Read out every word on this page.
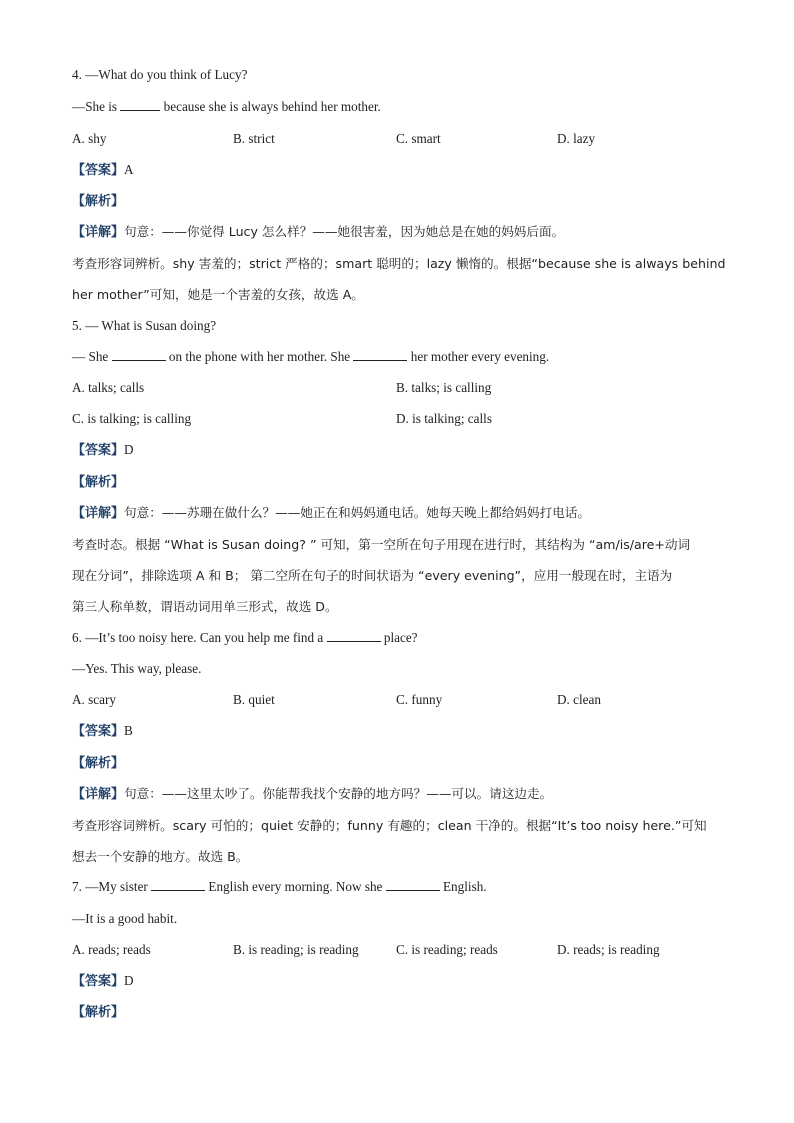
4. —What do you think of Lucy?
—She is	because she is always behind her mother.
A. shy	B. strict	C. smart	D. lazy
【答案】A
【解析】
【详解】句意：——你觉得 Lucy 怎么样？——她很害羞，因为她总是在她的妈妈后面。
考查形容词辨析。shy 害羞的；strict 严格的；smart 聪明的；lazy 懒惰的。根据“because she is always behind
her mother”可知，她是一个害羞的女孩，故选 A。
5. — What is Susan doing?
— She	on the phone with her mother. She	her mother every evening.
A. talks; calls	B. talks; is calling
C. is talking; is calling	D. is talking; calls
【答案】D
【解析】
【详解】句意：——苏珊在做什么？——她正在和妈妈通电话。她每天晚上都给妈妈打电话。
考查时态。根据 “What is Susan doing? ” 可知，第一空所在句子用现在进行时，其结构为 “am/is/are+动词
现在分词”，排除选项 A 和 B； 第二空所在句子的时间状语为 “every evening”，应用一般现在时，主语为
第三人称单数，谓语动词用单三形式，故选 D。
6. —It’s too noisy here. Can you help me find a	place?
—Yes. This way, please.
A. scary	B. quiet	C. funny	D. clean
【答案】B
【解析】
【详解】句意：——这里太吵了。你能帮我找个安静的地方吗？——可以。请这边走。
考查形容词辨析。scary 可怕的；quiet 安静的；funny 有趣的；clean 干净的。根据“It’s too noisy here.”可知
想去一个安静的地方。故选 B。
7. —My sister	English every morning. Now she	English.
—It is a good habit.
A. reads; reads	B. is reading; is reading	C. is reading; reads	D. reads; is reading
【答案】D
【解析】
